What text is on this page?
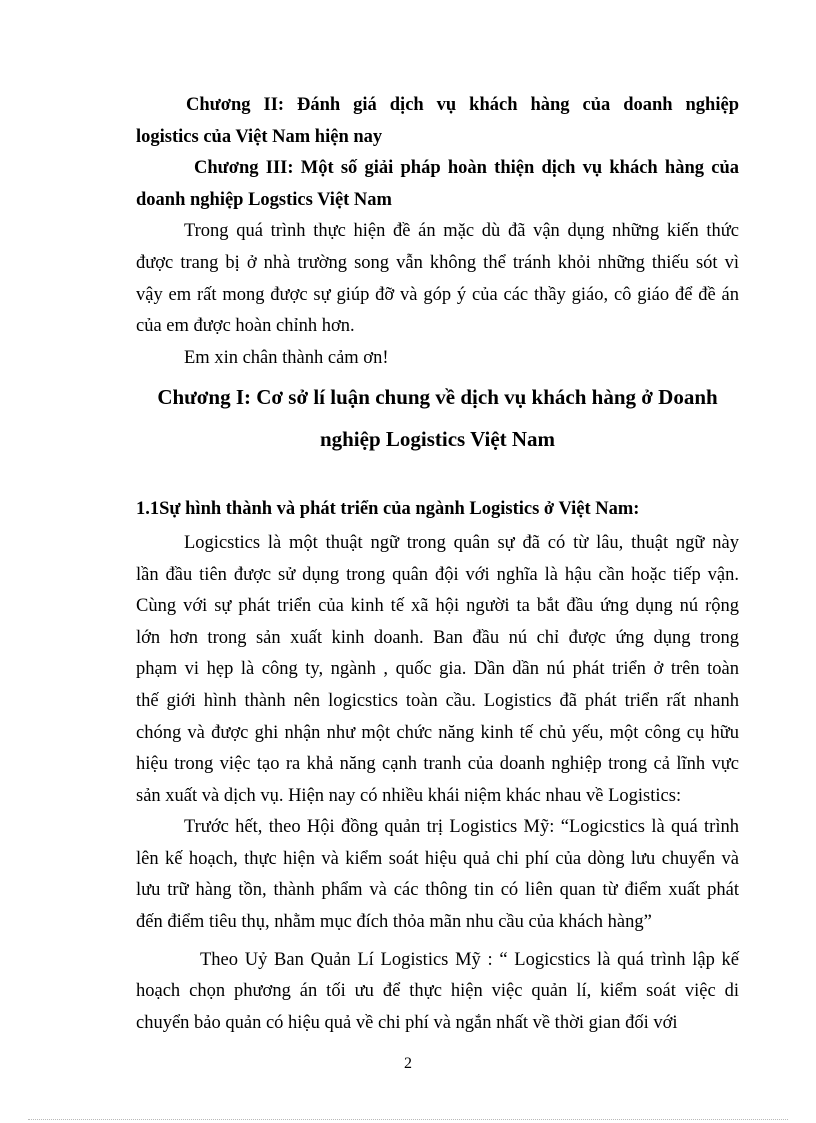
Chương II: Đánh giá dịch vụ khách hàng của doanh nghiệp

logistics của Việt Nam hiện nay

Chương III: Một số giải pháp hoàn thiện dịch vụ khách hàng của

doanh nghiệp Logstics Việt Nam

Trong quá trình thực hiện đề án mặc dù đã vận dụng những kiến thức

được trang bị ở nhà trường song vẫn không thể tránh khỏi những thiếu sót vì

vậy em rất mong được sự giúp đỡ và góp ý của các thầy giáo, cô giáo để đề án

của em được hoàn chỉnh hơn.

Em xin chân thành cảm ơn!

Chương I: Cơ sở lí luận chung về dịch vụ khách hàng ở Doanh
nghiệp Logistics Việt Nam

1.1Sự hình thành và phát triển của ngành Logistics ở Việt Nam:

Logicstics là một thuật ngữ trong quân sự đã có từ lâu, thuật ngữ này

lần đầu tiên được sử dụng trong quân đội với nghĩa là hậu cần hoặc tiếp vận.

Cùng với sự phát triển của kinh tế xã hội người ta bắt đầu ứng dụng nú rộng

lớn hơn trong sản xuất kinh doanh. Ban đầu nú chỉ được ứng dụng trong

phạm vi hẹp là công ty, ngành , quốc gia. Dần dần nú phát triển ở trên toàn

thế giới hình thành nên logicstics toàn cầu. Logistics đã phát triển rất nhanh

chóng và được ghi nhận như một chức năng kinh tế chủ yếu, một công cụ hữu

hiệu trong việc tạo ra khả năng cạnh tranh của doanh nghiệp trong cả lĩnh vực

sản xuất và dịch vụ. Hiện nay có nhiều khái niệm khác nhau về Logistics:

Trước hết, theo Hội đồng quản trị Logistics Mỹ: “Logicstics là quá trình

lên kế hoạch, thực hiện và kiểm soát hiệu quả chi phí của dòng lưu chuyển và

lưu trữ hàng tồn, thành phẩm và các thông tin có liên quan từ điểm xuất phát

đến điểm tiêu thụ, nhằm mục đích thỏa mãn nhu cầu của khách hàng”

Theo Uỷ Ban Quản Lí Logistics Mỹ : “ Logicstics là quá trình lập kế

hoạch chọn phương án tối ưu để thực hiện việc quản lí, kiểm soát việc di

chuyển bảo quản có hiệu quả về chi phí và ngắn nhất về thời gian đối với

2
